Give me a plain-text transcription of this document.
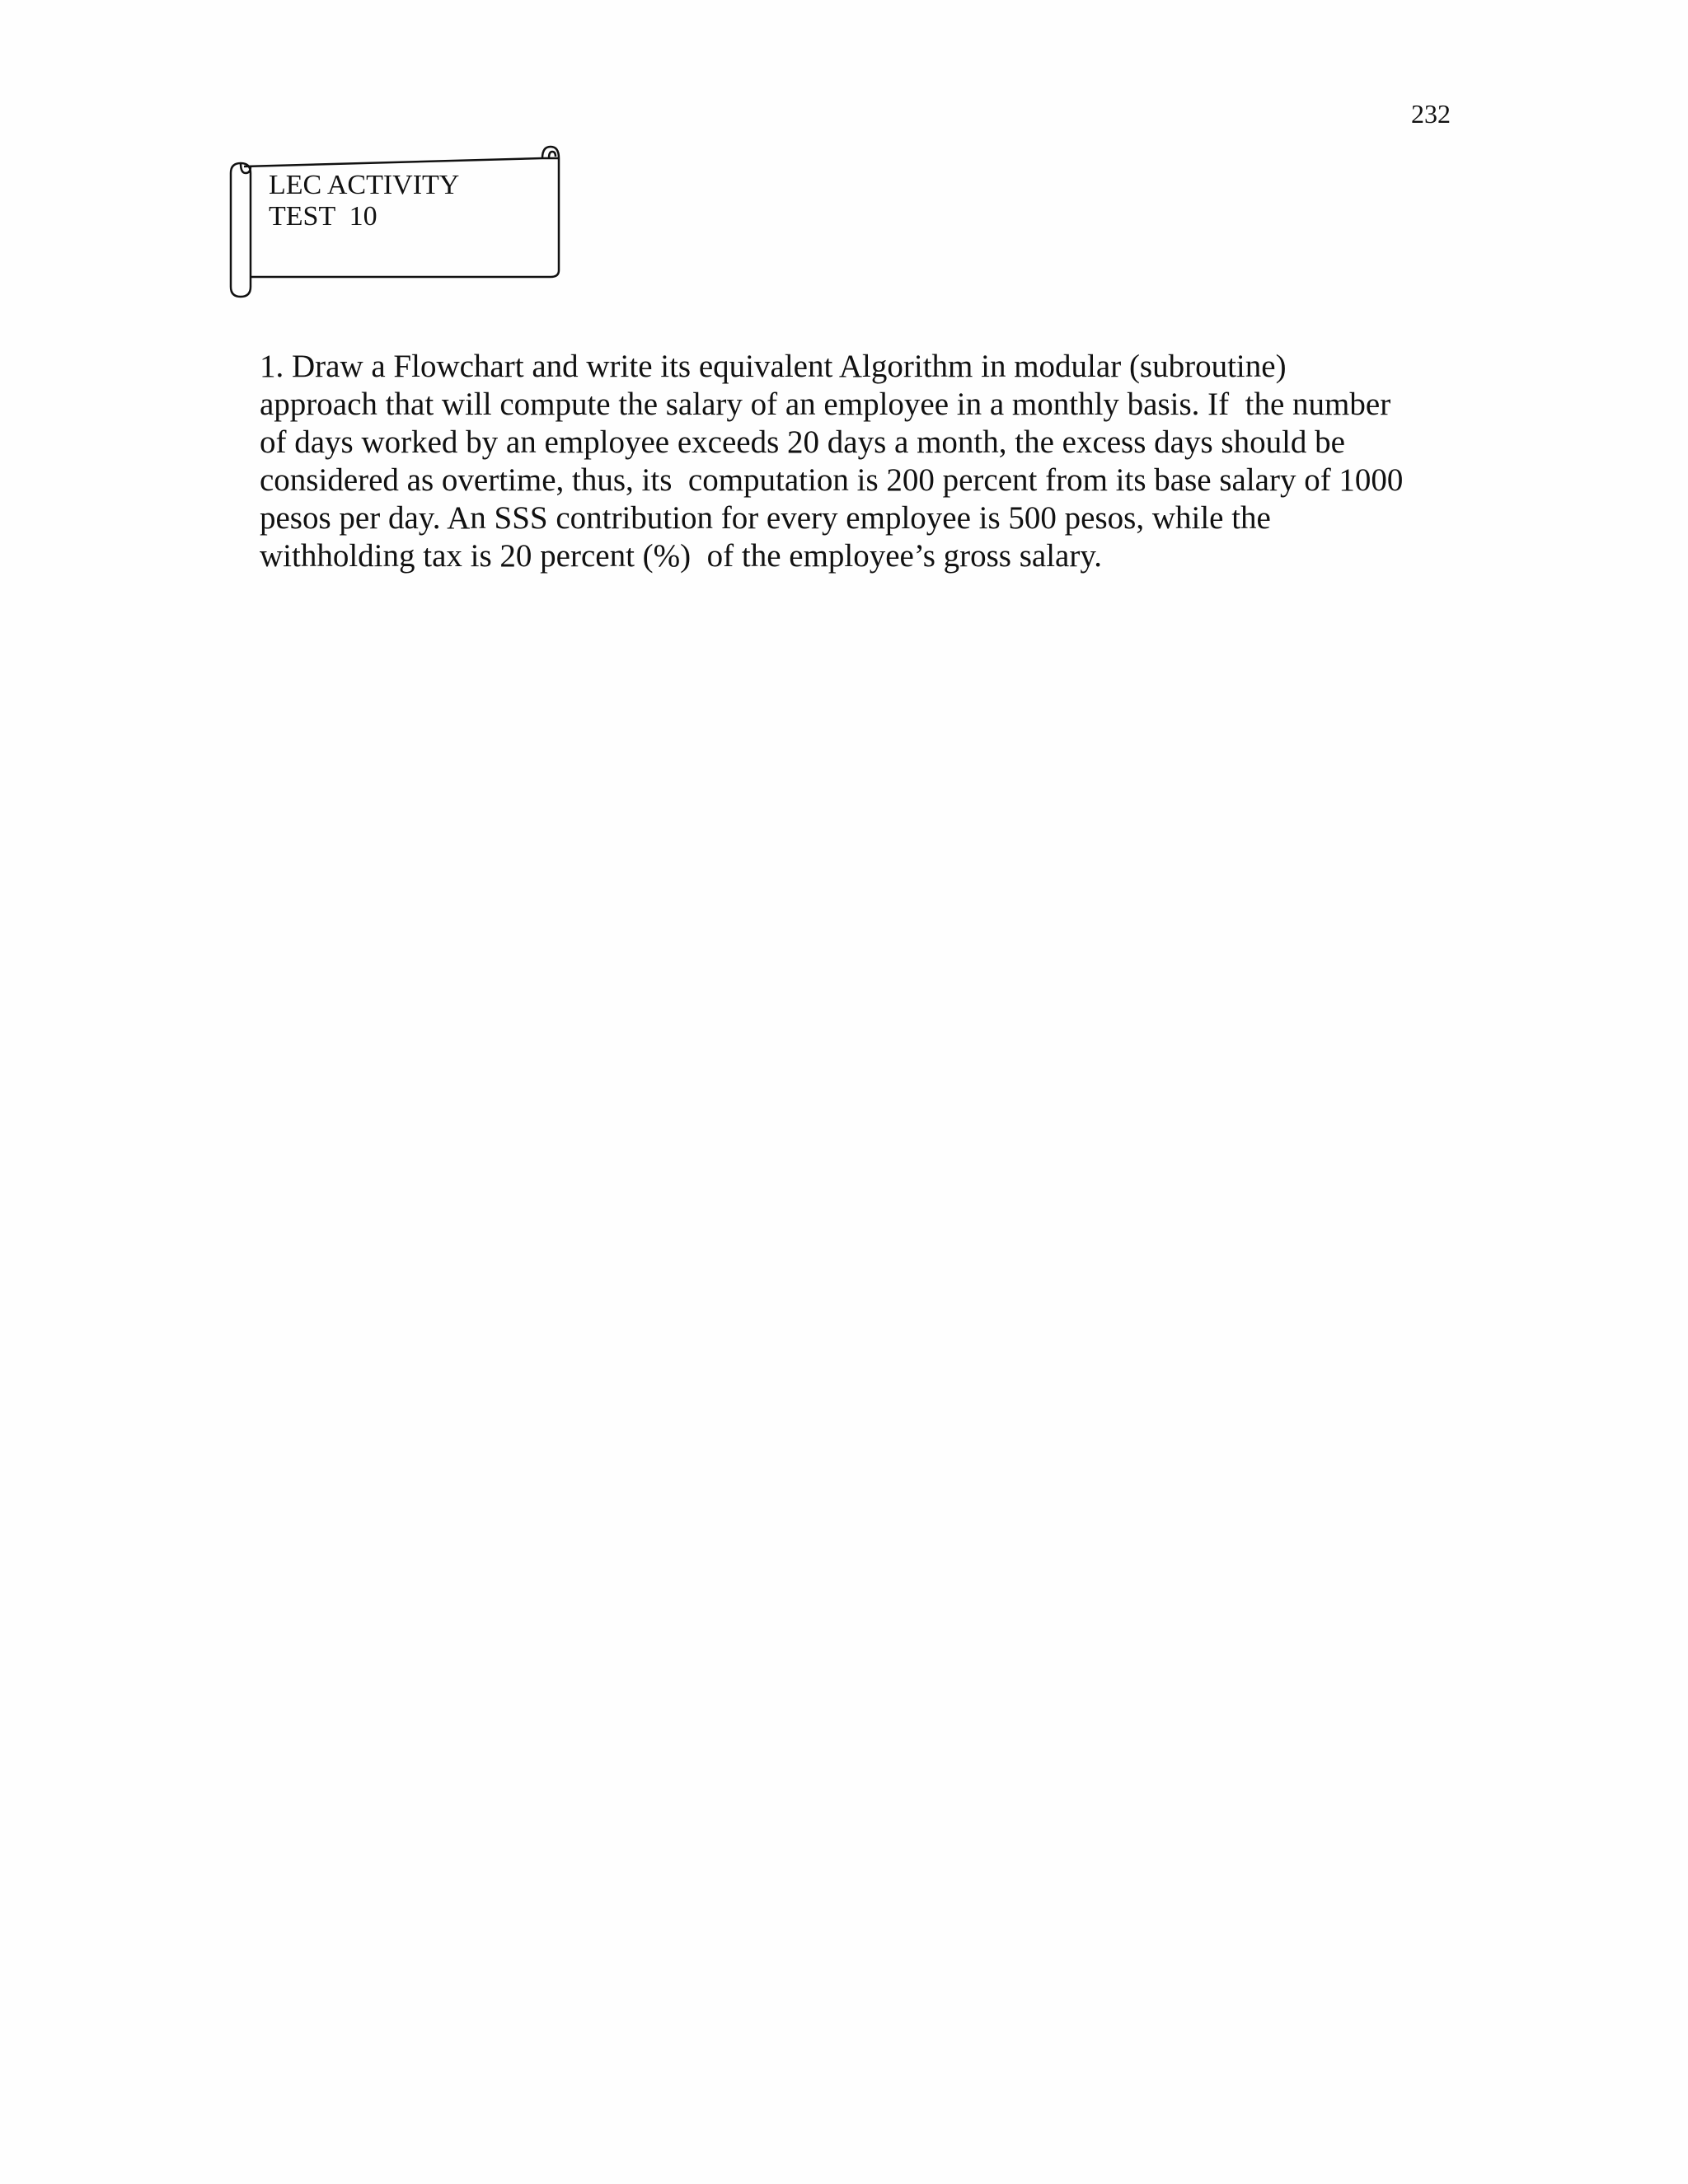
232
LEC ACTIVITY
TEST  10
1. Draw a Flowchart and write its equivalent Algorithm in modular (subroutine)
approach that will compute the salary of an employee in a monthly basis. If  the number
of days worked by an employee exceeds 20 days a month, the excess days should be
considered as overtime, thus, its  computation is 200 percent from its base salary of 1000
pesos per day. An SSS contribution for every employee is 500 pesos, while the
withholding tax is 20 percent (%)  of the employee’s gross salary.
